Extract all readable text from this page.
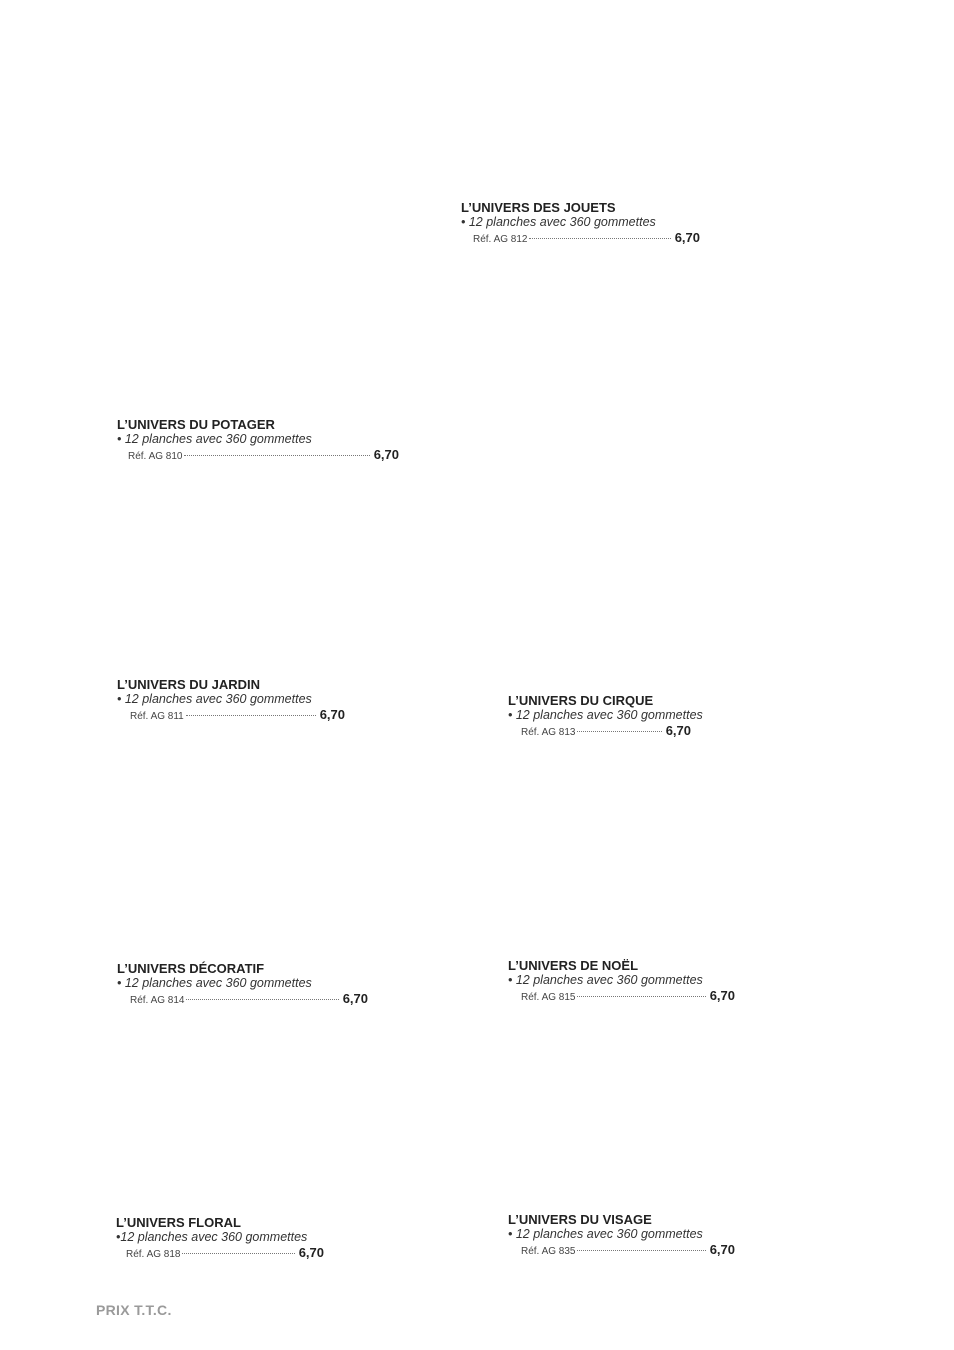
L’UNIVERS DES JOUETS
• 12 planches avec 360 gommettes
Réf. AG 812	6,70
L’UNIVERS DU POTAGER
• 12 planches avec 360 gommettes
Réf. AG 810	6,70
L’UNIVERS DU JARDIN
• 12 planches avec 360 gommettes
Réf. AG 811	6,70
L’UNIVERS DU CIRQUE
• 12 planches avec 360 gommettes
Réf. AG 813	6,70
L’UNIVERS DÉCORATIF
• 12 planches avec 360 gommettes
Réf. AG 814	6,70
L’UNIVERS DE NOËL
• 12 planches avec 360 gommettes
Réf. AG 815	6,70
L’UNIVERS FLORAL
•12 planches avec 360 gommettes
Réf. AG 818	6,70
L’UNIVERS DU VISAGE
• 12 planches avec 360 gommettes
Réf. AG 835	6,70
PRIX T.T.C.
